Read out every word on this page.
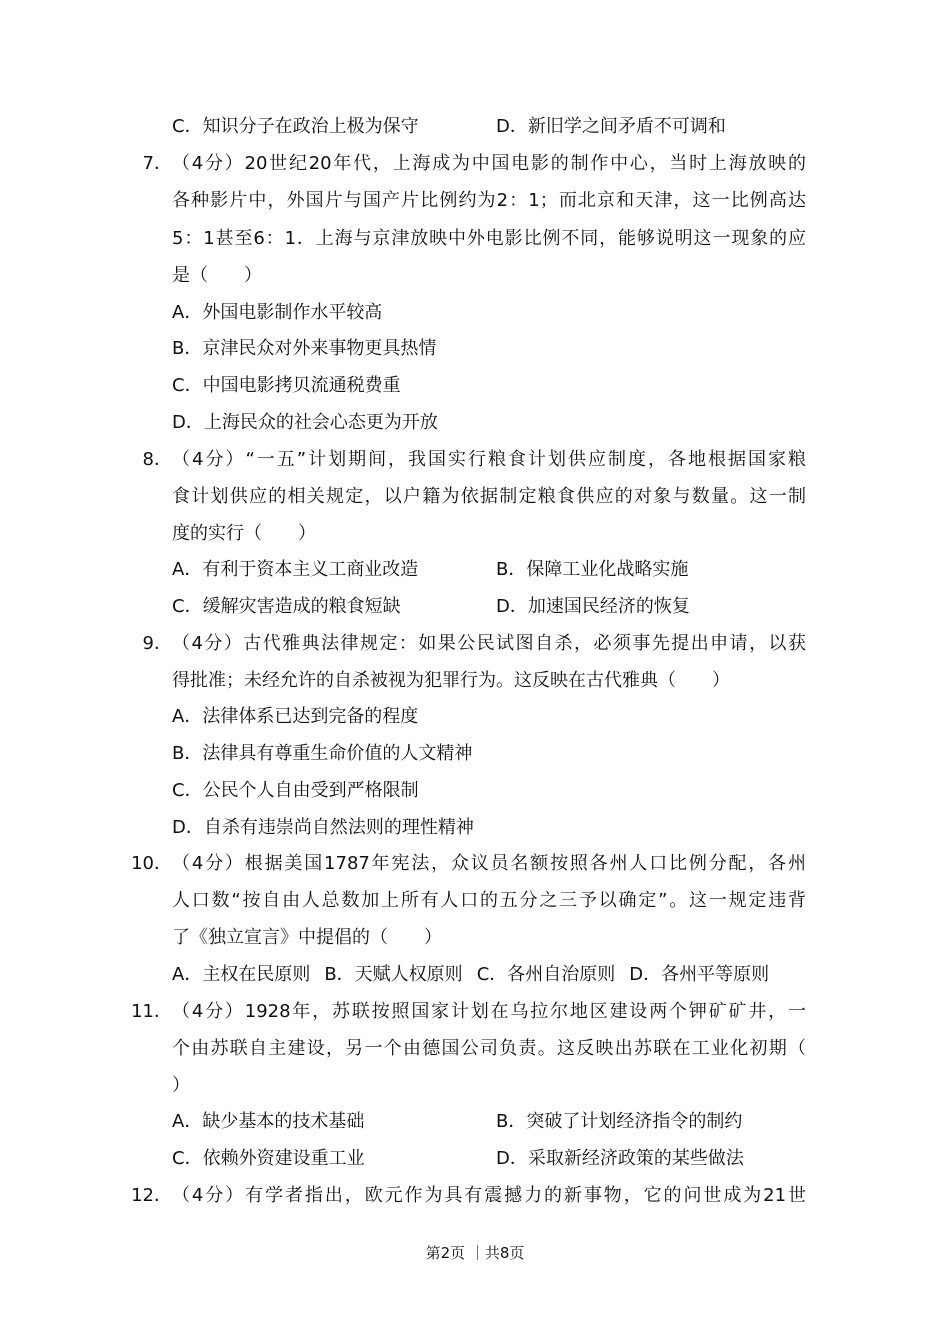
C．知识分子在政治上极为保守	D．新旧学之间矛盾不可调和
7． （4分）20世纪20年代，上海成为中国电影的制作中心，当时上海放映的
各种影片中，外国片与国产片比例约为2：1；而北京和天津，这一比例高达
5：1甚至6：1．上海与京津放映中外电影比例不同，能够说明这一现象的应
是（　　）
A．外国电影制作水平较高
B．京津民众对外来事物更具热情
C．中国电影拷贝流通税费重
D．上海民众的社会心态更为开放
8． （4分）“一五”计划期间，我国实行粮食计划供应制度，各地根据国家粮
食计划供应的相关规定，以户籍为依据制定粮食供应的对象与数量。这一制
度的实行（　　）
A．有利于资本主义工商业改造	B．保障工业化战略实施
C．缓解灾害造成的粮食短缺	D．加速国民经济的恢复
9． （4分）古代雅典法律规定：如果公民试图自杀，必须事先提出申请，以获
得批准；未经允许的自杀被视为犯罪行为。这反映在古代雅典（　　）
A．法律体系已达到完备的程度
B．法律具有尊重生命价值的人文精神
C．公民个人自由受到严格限制
D．自杀有违崇尚自然法则的理性精神
10． （4分）根据美国1787年宪法，众议员名额按照各州人口比例分配，各州
人口数“按自由人总数加上所有人口的五分之三予以确定”。这一规定违背
了《独立宣言》中提倡的（　　）
A．主权在民原则 B．天赋人权原则 C．各州自治原则 D．各州平等原则
11． （4分）1928年，苏联按照国家计划在乌拉尔地区建设两个钾矿矿井，一
个由苏联自主建设，另一个由德国公司负责。这反映出苏联在工业化初期（
）
A．缺少基本的技术基础	B．突破了计划经济指令的制约
C．依赖外资建设重工业	D．采取新经济政策的某些做法
12． （4分）有学者指出，欧元作为具有震撼力的新事物，它的问世成为21世
第2页 ｜共8页
